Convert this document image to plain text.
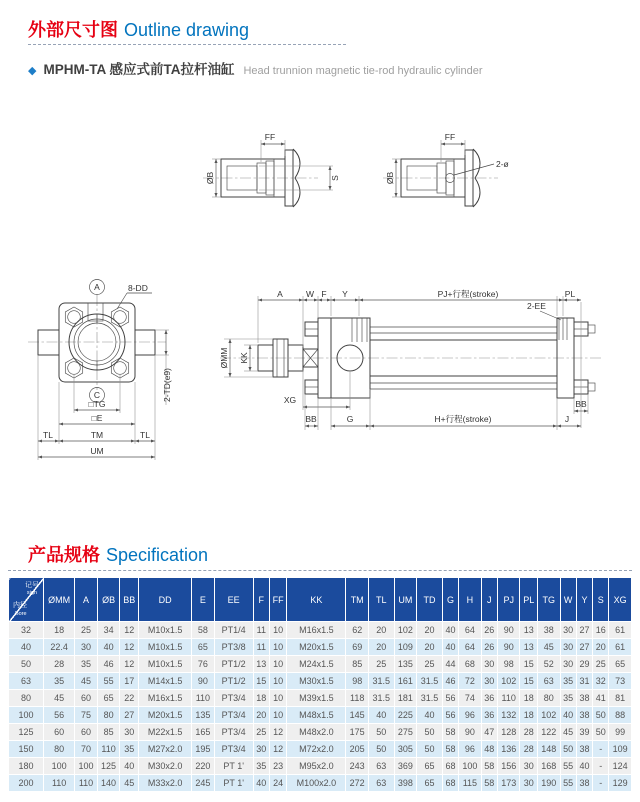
外部尺寸图 Outline drawing
◆ MPHM-TA 感应式前TA拉杆油缸 Head trunnion magnetic tie-rod hydraulic cylinder
ØB
FF
S	ØB
FF
2-ø
A	8-DD
C
□TG
□E
TL	TM	TL
UM
2-TD(e9)
2-EE
ØMM KK
A	W F Y	PJ+行程(stroke)	PL
XG
BB	G	H+行程(stroke)	J
BB
产品规格 Specification
记号
sign
内径
Bore	ØMM	A	ØB	BB	DD	E	EE	F	FF	KK	TM	TL	UM	TD	G	H	J	PJ	PL	TG	W	Y	S	XG
32	18	25	34	12	M10x1.5	58	PT1/4	11	10	M16x1.5	62	20	102	20	40	64	26	90	13	38	30	27	16	61
40	22.4	30	40	12	M10x1.5	65	PT3/8	11	10	M20x1.5	69	20	109	20	40	64	26	90	13	45	30	27	20	61
50	28	35	46	12	M10x1.5	76	PT1/2	13	10	M24x1.5	85	25	135	25	44	68	30	98	15	52	30	29	25	65
63	35	45	55	17	M14x1.5	90	PT1/2	15	10	M30x1.5	98	31.5	161	31.5	46	72	30	102	15	63	35	31	32	73
80	45	60	65	22	M16x1.5	110	PT3/4	18	10	M39x1.5	118	31.5	181	31.5	56	74	36	110	18	80	35	38	41	81
100	56	75	80	27	M20x1.5	135	PT3/4	20	10	M48x1.5	145	40	225	40	56	96	36	132	18	102	40	38	50	88
125	60	60	85	30	M22x1.5	165	PT3/4	25	12	M48x2.0	175	50	275	50	58	90	47	128	28	122	45	39	50	99
150	80	70	110	35	M27x2.0	195	PT3/4	30	12	M72x2.0	205	50	305	50	58	96	48	136	28	148	50	38	-	109
180	100	100	125	40	M30x2.0	220	PT 1'	35	23	M95x2.0	243	63	369	65	68	100	58	156	30	168	55	40	-	124
200	110	110	140	45	M33x2.0	245	PT 1'	40	24	M100x2.0	272	63	398	65	68	115	58	173	30	190	55	38	-	129
